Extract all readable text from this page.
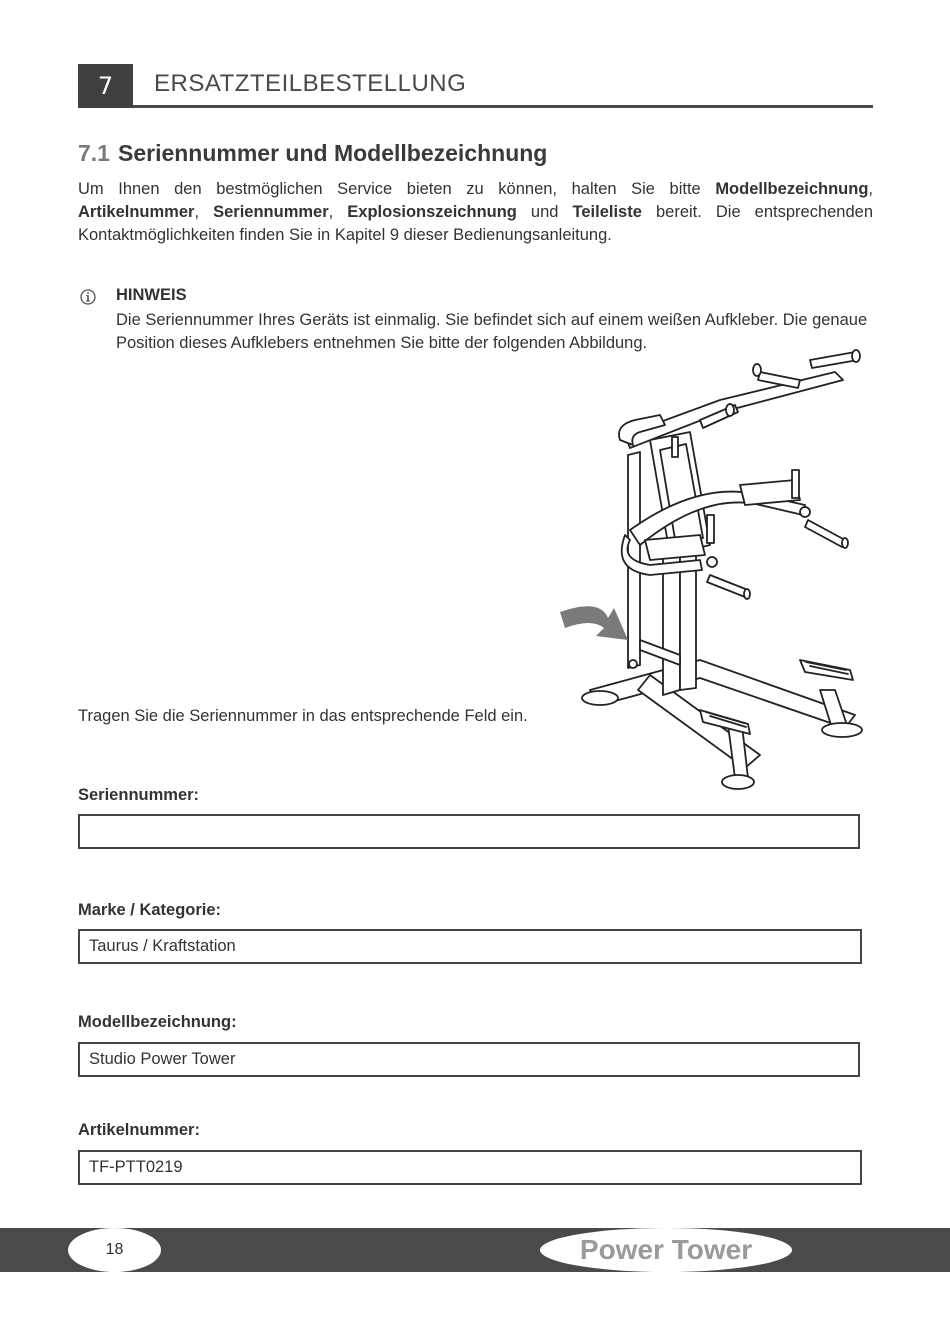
7	ERSATZTEILBESTELLUNG
7.1 Seriennummer und Modellbezeichnung
Um Ihnen den bestmöglichen Service bieten zu können, halten Sie bitte Modellbezeichnung, Artikelnummer, Seriennummer, Explosionszeichnung und Teileliste bereit. Die entsprechenden Kontaktmöglichkeiten finden Sie in Kapitel 9 dieser Bedienungsanleitung.
HINWEIS
Die Seriennummer Ihres Geräts ist einmalig. Sie befindet sich auf einem weißen Aufkleber. Die genaue Position dieses Aufklebers entnehmen Sie bitte der folgenden Abbildung.
Tragen Sie die Seriennummer in das entsprechende Feld ein.
Seriennummer:
Marke / Kategorie:
Taurus / Kraftstation
Modellbezeichnung:
Studio Power Tower
Artikelnummer:
TF-PTT0219
18	Power Tower
